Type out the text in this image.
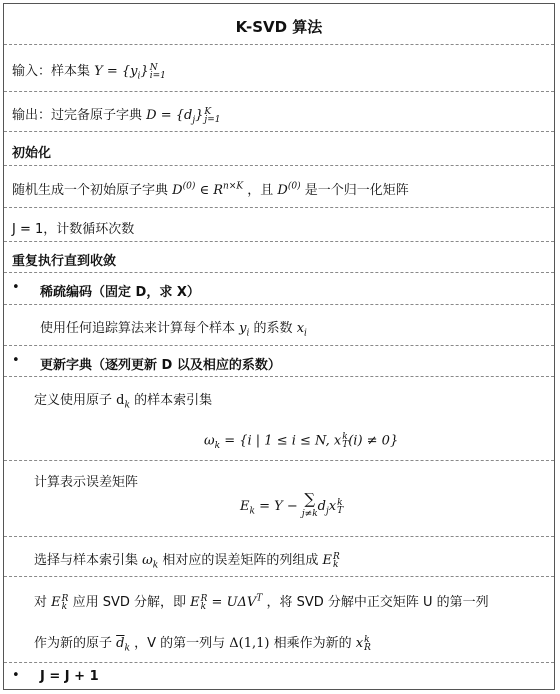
K-SVD 算法
输入：样本集 $Y = \{y_i\}N$
i=1
输出：过完备原子字典 $D = \{d_j\}K$
j=1
初始化
随机生成一个初始原子字典 $D^{(0)}$ ∈ $R^{n\times K}$ ，且 $D^{(0)}$ 是一个归一化矩阵
J = 1，计数循环次数
重复执行直到收敛
• 稀疏编码（固定 D，求 X）
使用任何追踪算法来计算每个样本 $y_i$ 的系数 $x_i$
• 更新字典（逐列更新 D 以及相应的系数）
定义使用原子 $d_k$ 的样本索引集
$\omega_k = \{i$ | 1 ≤ i ≤ N, xk
T(i) ≠ 0}
计算表示误差矩阵
$E_k = Y$ − ∑
$j\ne kd_jxk$
T
选择与样本索引集 $\omega_k$ 相对应的误差矩阵的列组成 ER
k
对 ER
k 应用 SVD 分解，即 ER
$k = U\Delta V^T$ ，将 SVD 分解中正交矩阵 U 的第一列
作为新的原子 $\overline{d}_k$ ，V 的第一列与 Δ(1,1) 相乘作为新的 xk
R
• J = J + 1
